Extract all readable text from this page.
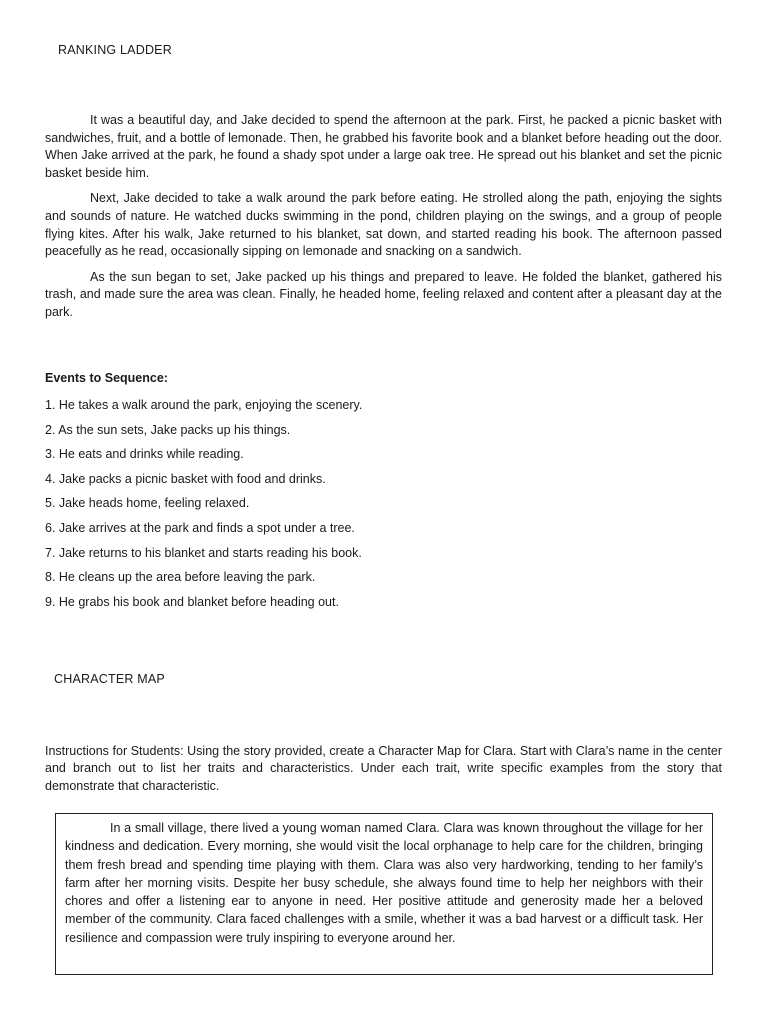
RANKING LADDER

It was a beautiful day, and Jake decided to spend the afternoon at the park. First, he packed a picnic basket with sandwiches, fruit, and a bottle of lemonade. Then, he grabbed his favorite book and a blanket before heading out the door. When Jake arrived at the park, he found a shady spot under a large oak tree. He spread out his blanket and set the picnic basket beside him.

Next, Jake decided to take a walk around the park before eating. He strolled along the path, enjoying the sights and sounds of nature. He watched ducks swimming in the pond, children playing on the swings, and a group of people flying kites. After his walk, Jake returned to his blanket, sat down, and started reading his book. The afternoon passed peacefully as he read, occasionally sipping on lemonade and snacking on a sandwich.

As the sun began to set, Jake packed up his things and prepared to leave. He folded the blanket, gathered his trash, and made sure the area was clean. Finally, he headed home, feeling relaxed and content after a pleasant day at the park.

Events to Sequence:
1. He takes a walk around the park, enjoying the scenery.
2. As the sun sets, Jake packs up his things.
3. He eats and drinks while reading.
4. Jake packs a picnic basket with food and drinks.
5. Jake heads home, feeling relaxed.
6. Jake arrives at the park and finds a spot under a tree.
7. Jake returns to his blanket and starts reading his book.
8. He cleans up the area before leaving the park.
9. He grabs his book and blanket before heading out.
CHARACTER MAP

Instructions for Students: Using the story provided, create a Character Map for Clara. Start with Clara’s name in the center and branch out to list her traits and characteristics. Under each trait, write specific examples from the story that demonstrate that characteristic.

In a small village, there lived a young woman named Clara. Clara was known throughout the village for her kindness and dedication. Every morning, she would visit the local orphanage to help care for the children, bringing them fresh bread and spending time playing with them. Clara was also very hardworking, tending to her family’s farm after her morning visits. Despite her busy schedule, she always found time to help her neighbors with their chores and offer a listening ear to anyone in need. Her positive attitude and generosity made her a beloved member of the community. Clara faced challenges with a smile, whether it was a bad harvest or a difficult task. Her resilience and compassion were truly inspiring to everyone around her.
